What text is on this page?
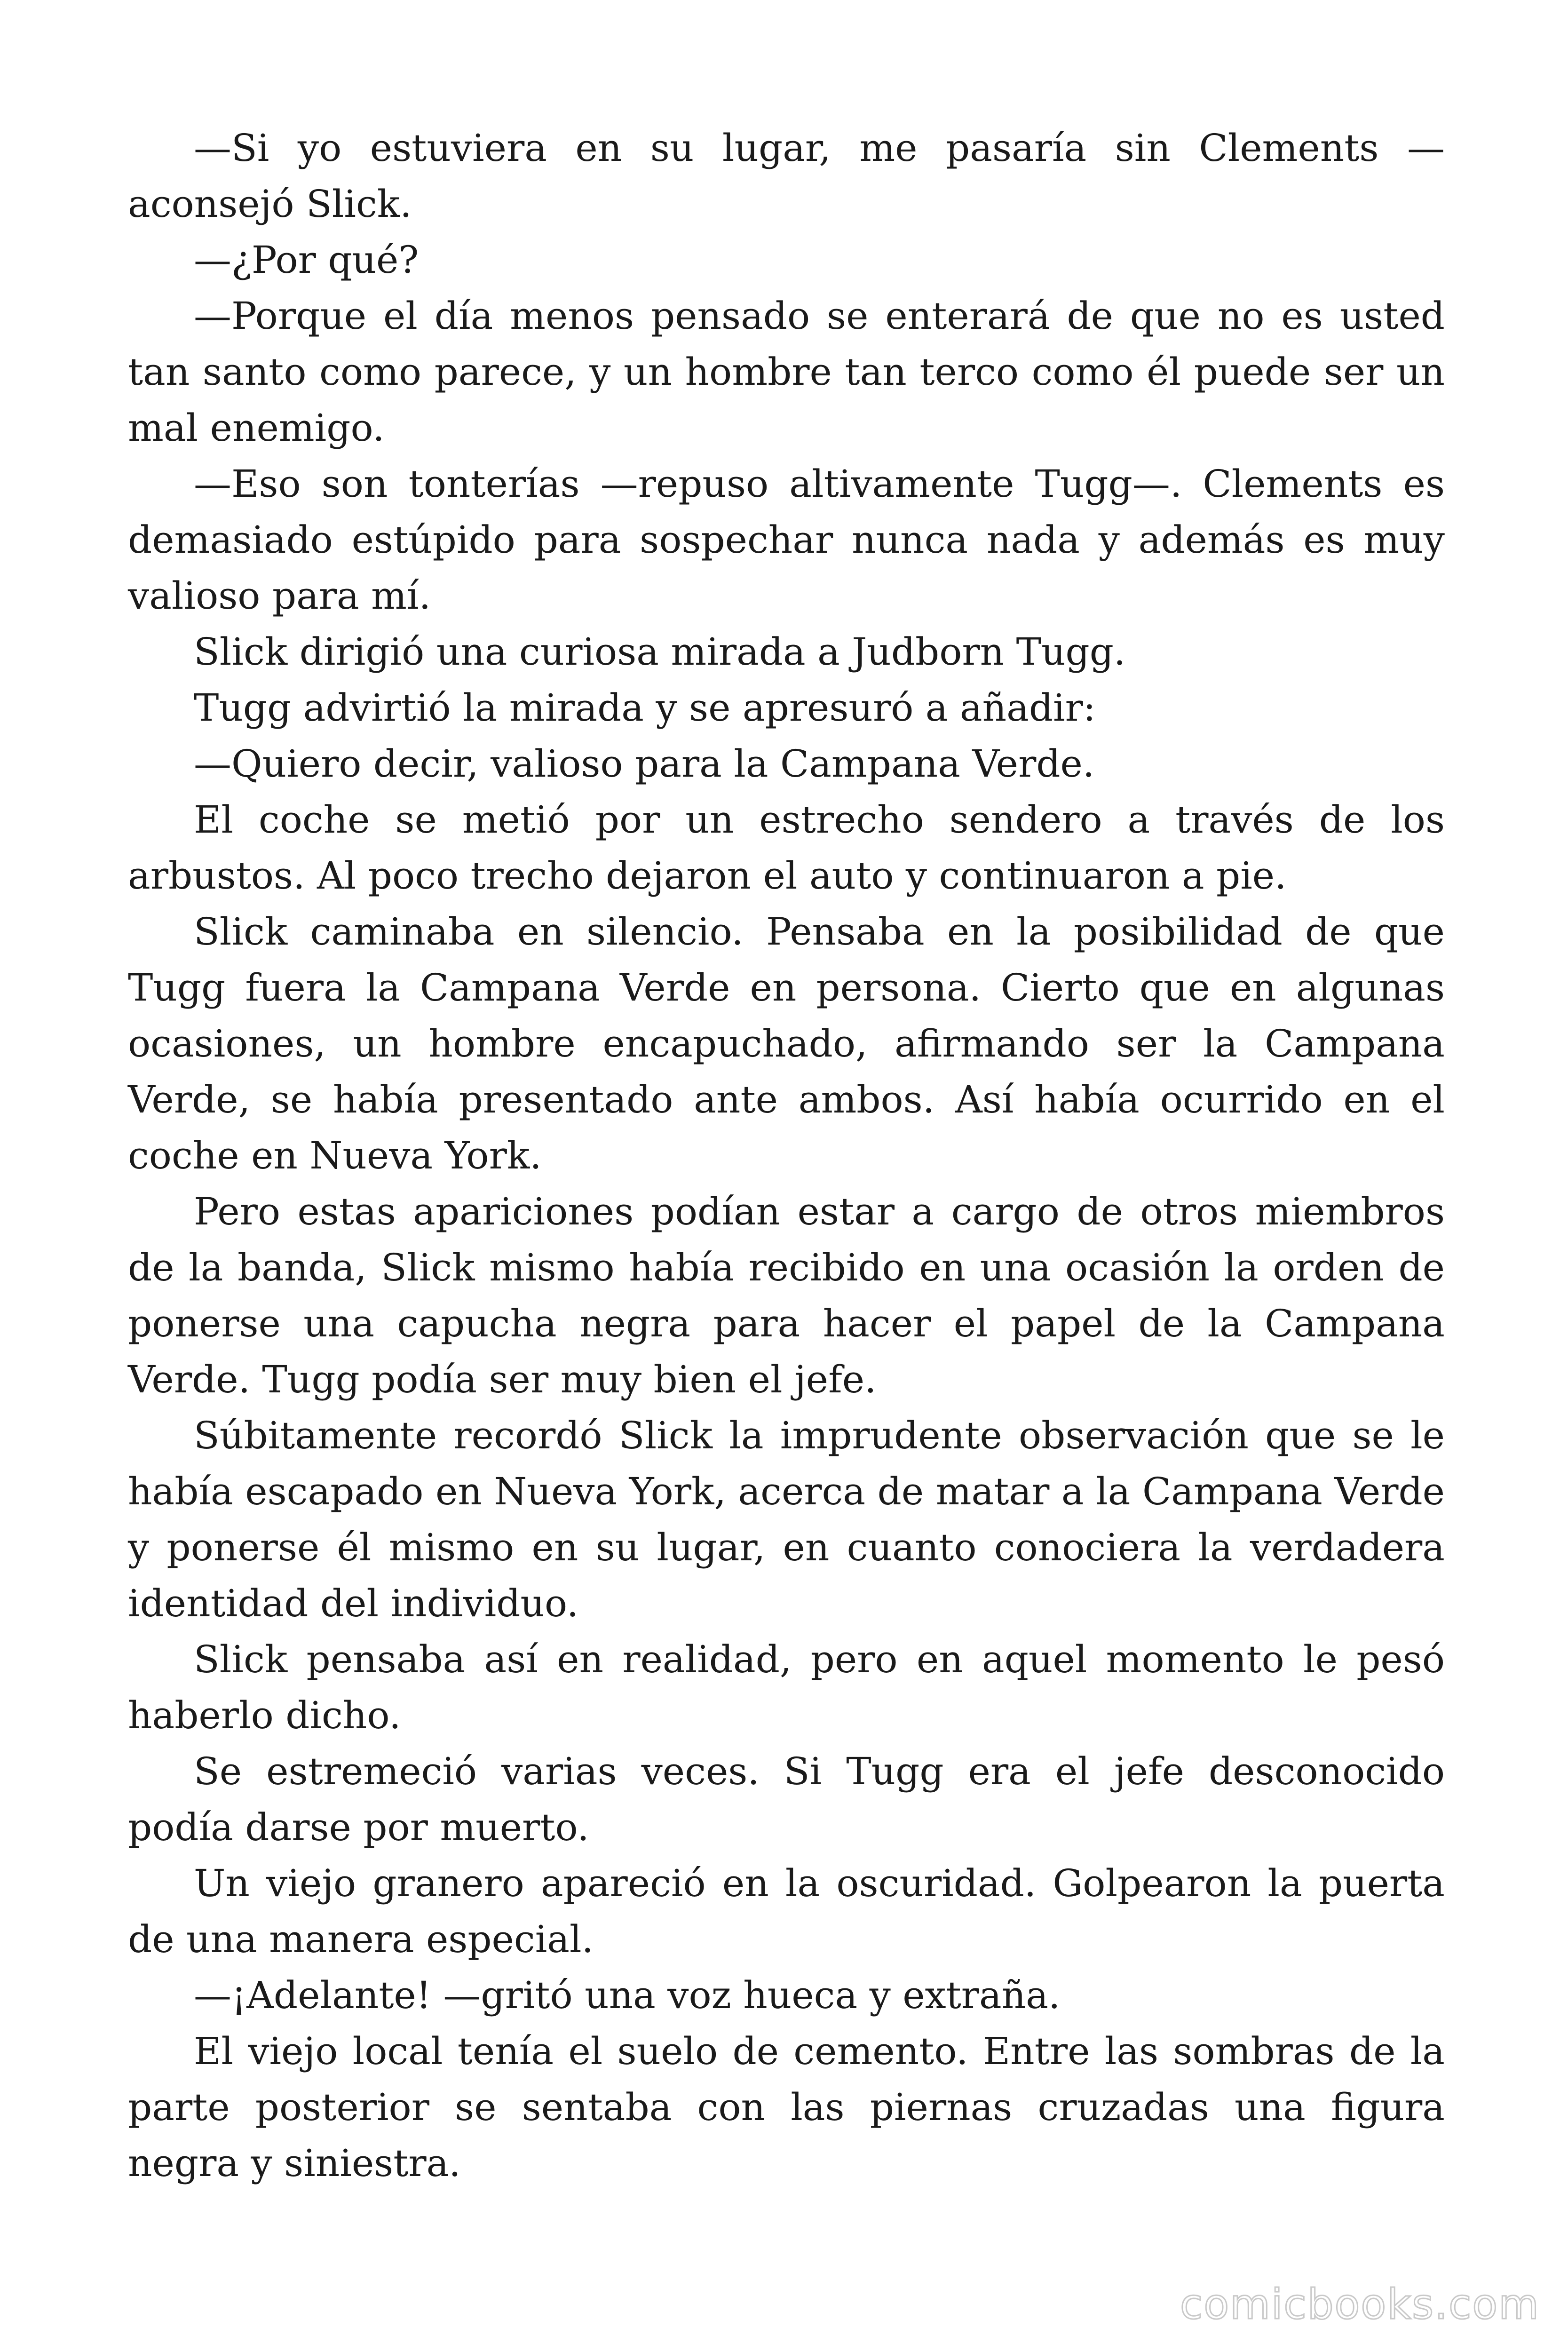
—Si yo estuviera en su lugar, me pasaría sin Clements —aconsejó Slick.

—¿Por qué?

—Porque el día menos pensado se enterará de que no es usted tan santo como parece, y un hombre tan terco como él puede ser un mal enemigo.

—Eso son tonterías —repuso altivamente Tugg—. Clements es demasiado estúpido para sospechar nunca nada y además es muy valioso para mí.

Slick dirigió una curiosa mirada a Judborn Tugg.

Tugg advirtió la mirada y se apresuró a añadir:

—Quiero decir, valioso para la Campana Verde.

El coche se metió por un estrecho sendero a través de los arbustos. Al poco trecho dejaron el auto y continuaron a pie.

Slick caminaba en silencio. Pensaba en la posibilidad de que Tugg fuera la Campana Verde en persona. Cierto que en algunas ocasiones, un hombre encapuchado, afirmando ser la Campana Verde, se había presentado ante ambos. Así había ocurrido en el coche en Nueva York.

Pero estas apariciones podían estar a cargo de otros miembros de la banda, Slick mismo había recibido en una ocasión la orden de ponerse una capucha negra para hacer el papel de la Campana Verde. Tugg podía ser muy bien el jefe.

Súbitamente recordó Slick la imprudente observación que se le había escapado en Nueva York, acerca de matar a la Campana Verde y ponerse él mismo en su lugar, en cuanto conociera la verdadera identidad del individuo.

Slick pensaba así en realidad, pero en aquel momento le pesó haberlo dicho.

Se estremeció varias veces. Si Tugg era el jefe desconocido podía darse por muerto.

Un viejo granero apareció en la oscuridad. Golpearon la puerta de una manera especial.

—¡Adelante! —gritó una voz hueca y extraña.

El viejo local tenía el suelo de cemento. Entre las sombras de la parte posterior se sentaba con las piernas cruzadas una figura negra y siniestra.

comicbooks.com
